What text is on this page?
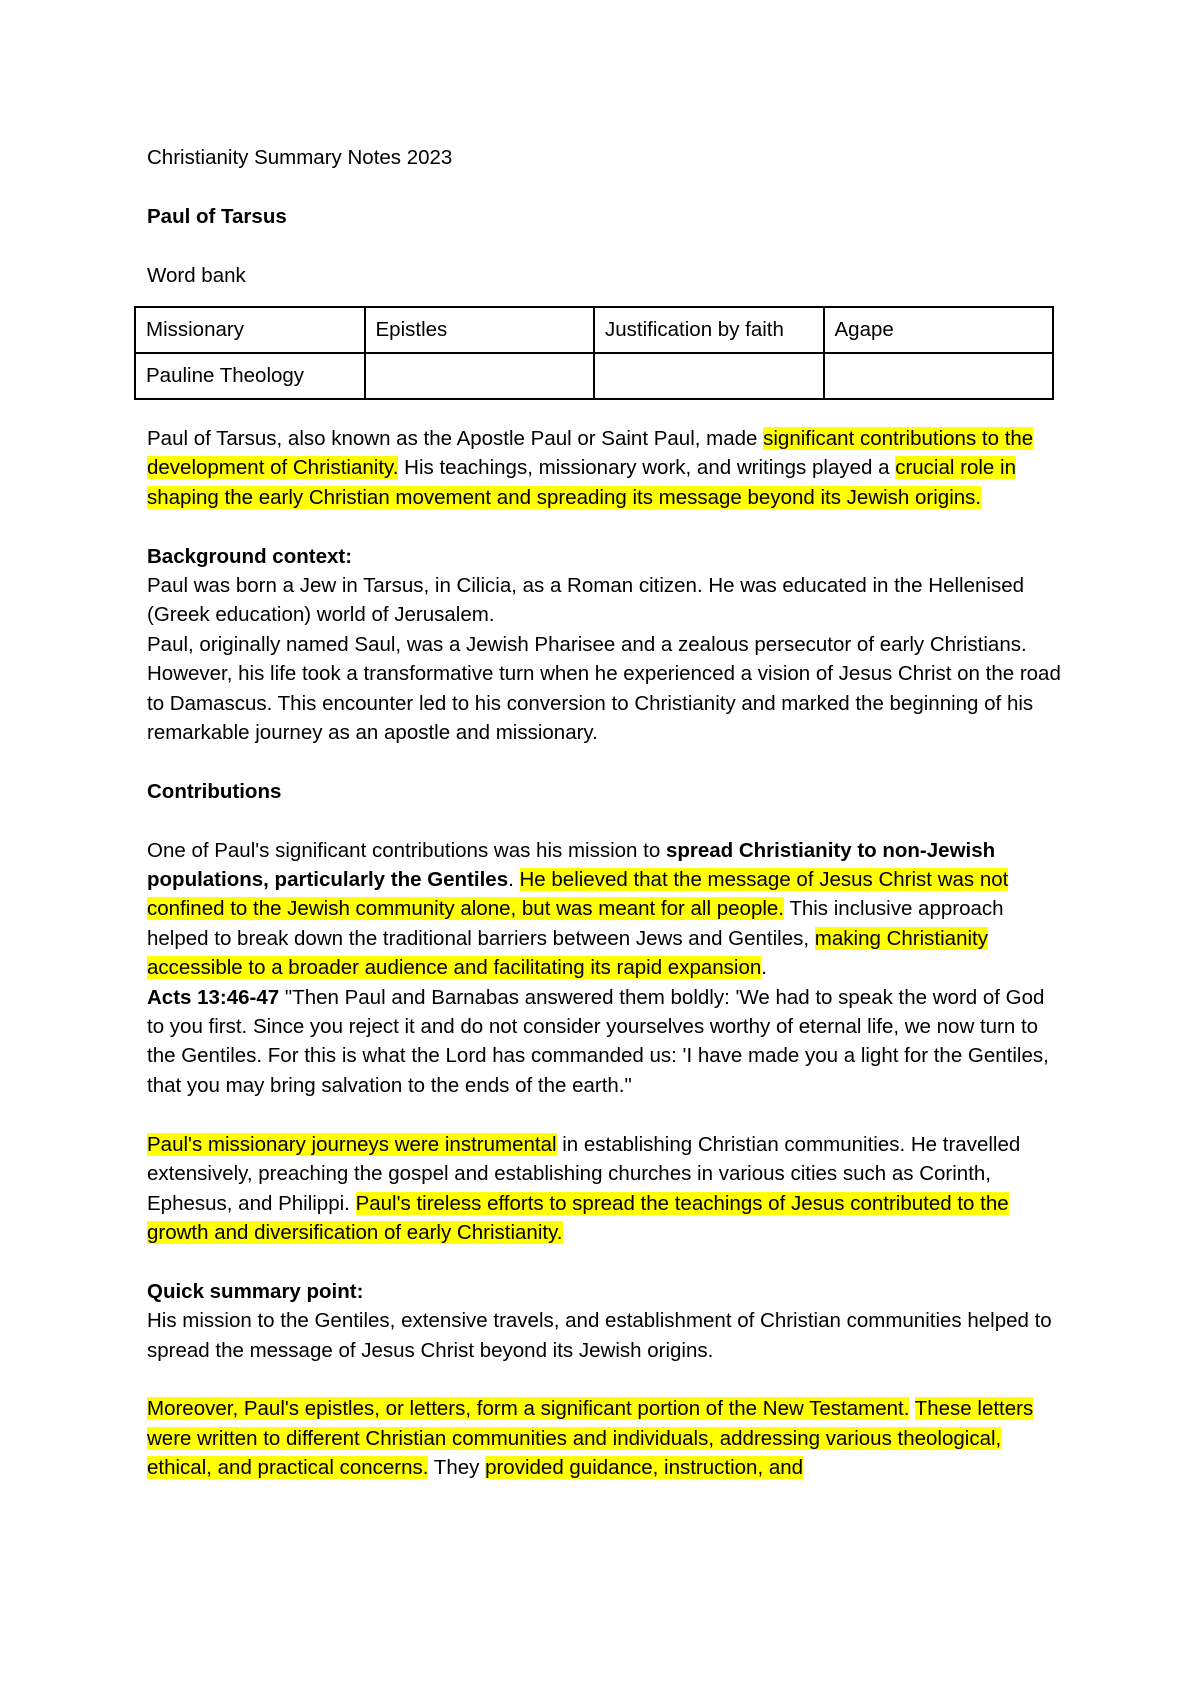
Christianity Summary Notes 2023

Paul of Tarsus

Word bank

Missionary	Epistles	Justification by faith	Agape
Pauline Theology			

Paul of Tarsus, also known as the Apostle Paul or Saint Paul, made significant contributions to the development of Christianity. His teachings, missionary work, and writings played a crucial role in shaping the early Christian movement and spreading its message beyond its Jewish origins.

Background context:

Paul was born a Jew in Tarsus, in Cilicia, as a Roman citizen. He was educated in the Hellenised (Greek education) world of Jerusalem.

Paul, originally named Saul, was a Jewish Pharisee and a zealous persecutor of early Christians. However, his life took a transformative turn when he experienced a vision of Jesus Christ on the road to Damascus. This encounter led to his conversion to Christianity and marked the beginning of his remarkable journey as an apostle and missionary.

Contributions

One of Paul's significant contributions was his mission to spread Christianity to non-Jewish populations, particularly the Gentiles. He believed that the message of Jesus Christ was not confined to the Jewish community alone, but was meant for all people. This inclusive approach helped to break down the traditional barriers between Jews and Gentiles, making Christianity accessible to a broader audience and facilitating its rapid expansion.
Acts 13:46-47 "Then Paul and Barnabas answered them boldly: 'We had to speak the word of God to you first. Since you reject it and do not consider yourselves worthy of eternal life, we now turn to the Gentiles. For this is what the Lord has commanded us: 'I have made you a light for the Gentiles, that you may bring salvation to the ends of the earth."

Paul's missionary journeys were instrumental in establishing Christian communities. He travelled extensively, preaching the gospel and establishing churches in various cities such as Corinth, Ephesus, and Philippi. Paul's tireless efforts to spread the teachings of Jesus contributed to the growth and diversification of early Christianity.

Quick summary point:

His mission to the Gentiles, extensive travels, and establishment of Christian communities helped to spread the message of Jesus Christ beyond its Jewish origins.

Moreover, Paul's epistles, or letters, form a significant portion of the New Testament. These letters were written to different Christian communities and individuals, addressing various theological, ethical, and practical concerns. They provided guidance, instruction, and
